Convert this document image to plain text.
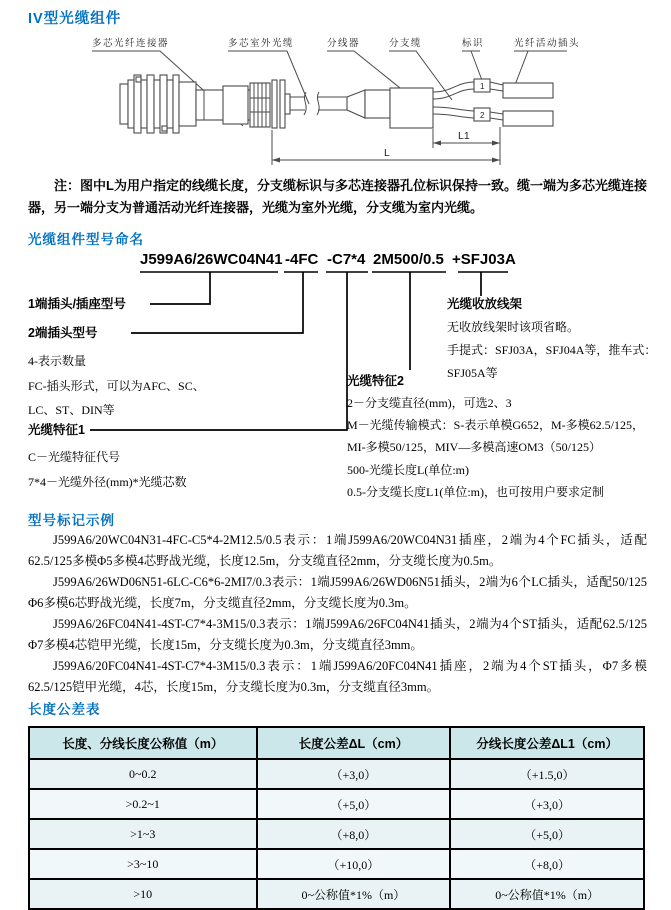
IV型光缆组件
多芯光纤连接器	多芯室外光缆	分线器	分支缆	标识	光纤活动插头
1
2
L1
L

注：图中L为用户指定的线缆长度，分支缆标识与多芯连接器孔位标识保持一致。缆一端为多芯光缆连接器，另一端分支为普通活动光纤连接器，光缆为室外光缆，分支缆为室内光缆。

光缆组件型号命名
J599A6/26WC04N41 -4FC -C7*4 2M500/0.5 +SFJ03A
1端插头/插座型号
2端插头型号
4-表示数量
FC-插头形式，可以为AFC、SC、
LC、ST、DIN等
光缆特征1
C－光缆特征代号
7*4－光缆外径(mm)*光缆芯数
光缆收放线架
无收放线架时该项省略。
手提式：SFJ03A，SFJ04A等，推车式：
SFJ05A等
光缆特征2
2－分支缆直径(mm)，可选2、3
M－光缆传输模式：S-表示单模G652，M-多模62.5/125，
MI-多模50/125，MIV—多模高速OM3（50/125）
500-光缆长度L(单位:m)
0.5-分支缆长度L1(单位:m)，也可按用户要求定制
型号标记示例

J599A6/20WC04N31-4FC-C5*4-2M12.5/0.5表示：1端J599A6/20WC04N31插座，2端为4个FC插头，适配62.5/125多模Φ5多模4芯野战光缆，长度12.5m，分支缆直径2mm，分支缆长度为0.5m。

J599A6/26WD06N51-6LC-C6*6-2MI7/0.3表示：1端J599A6/26WD06N51插头，2端为6个LC插头，适配50/125 Φ6多模6芯野战光缆，长度7m，分支缆直径2mm，分支缆长度为0.3m。

J599A6/26FC04N41-4ST-C7*4-3M15/0.3表示：1端J599A6/26FC04N41插头，2端为4个ST插头，适配62.5/125 Φ7多模4芯铠甲光缆，长度15m，分支缆长度为0.3m，分支缆直径3mm。

J599A6/20FC04N41-4ST-C7*4-3M15/0.3表示：1端J599A6/20FC04N41插座，2端为4个ST插头，Φ7多模62.5/125铠甲光缆，4芯，长度15m，分支缆长度为0.3m，分支缆直径3mm。

长度公差表
长度、分线长度公称值（m）	长度公差ΔL（cm）	分线长度公差ΔL1（cm）
0~0.2	（+3,0）	（+1.5,0）
>0.2~1	（+5,0）	（+3,0）
>1~3	（+8,0）	（+5,0）
>3~10	（+10,0）	（+8,0）
>10	0~公称值*1%（m）	0~公称值*1%（m）
